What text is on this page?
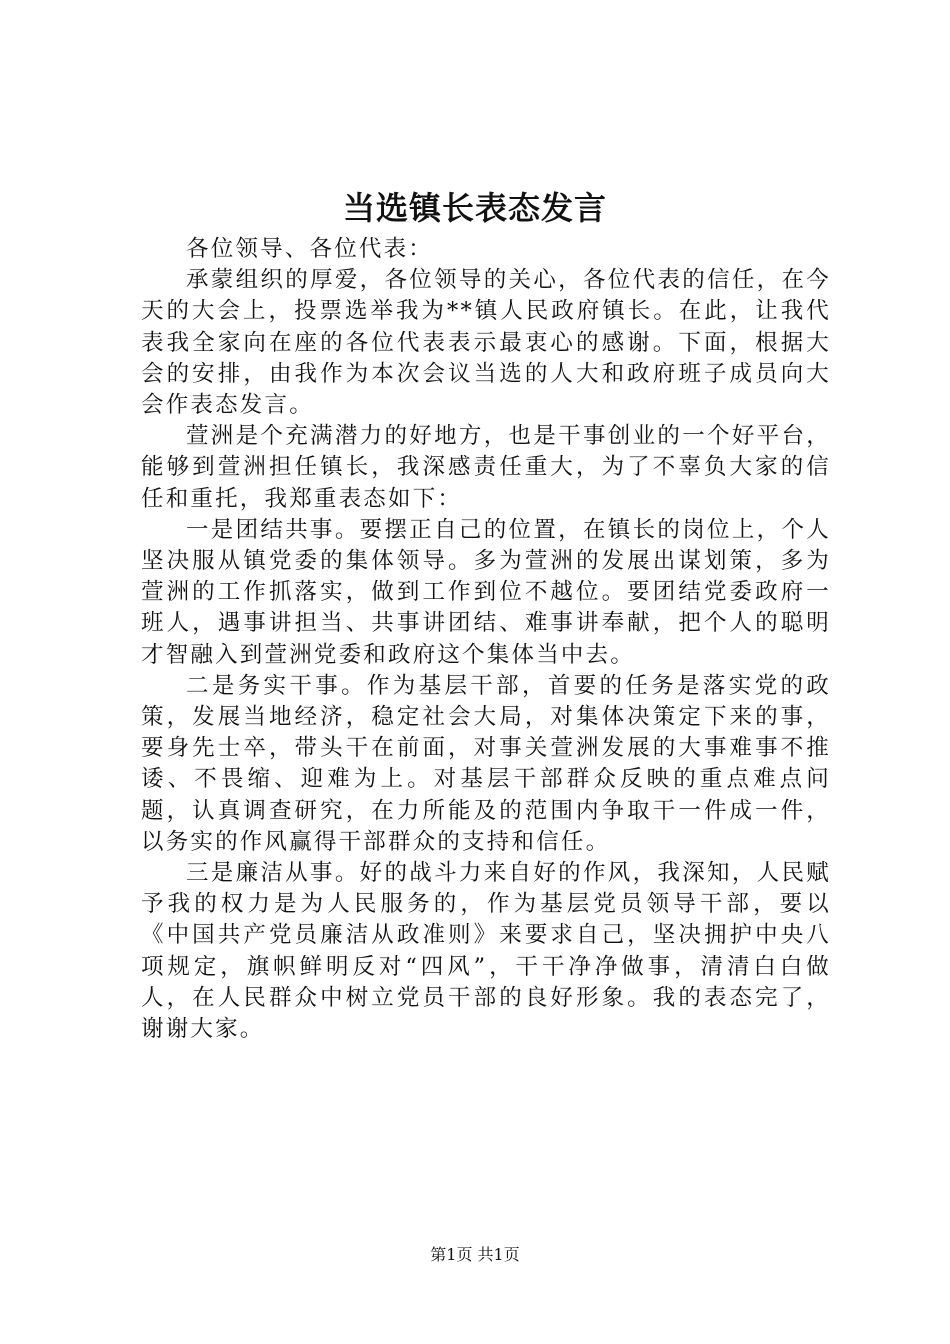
当选镇长表态发言

各位领导、各位代表：

承蒙组织的厚爱，各位领导的关心，各位代表的信任，在今天的大会上，投票选举我为**镇人民政府镇长。在此，让我代表我全家向在座的各位代表表示最衷心的感谢。下面，根据大会的安排，由我作为本次会议当选的人大和政府班子成员向大会作表态发言。

萱洲是个充满潜力的好地方，也是干事创业的一个好平台，能够到萱洲担任镇长，我深感责任重大，为了不辜负大家的信任和重托，我郑重表态如下：

一是团结共事。要摆正自己的位置，在镇长的岗位上，个人坚决服从镇党委的集体领导。多为萱洲的发展出谋划策，多为萱洲的工作抓落实，做到工作到位不越位。要团结党委政府一班人，遇事讲担当、共事讲团结、难事讲奉献，把个人的聪明才智融入到萱洲党委和政府这个集体当中去。

二是务实干事。作为基层干部，首要的任务是落实党的政策，发展当地经济，稳定社会大局，对集体决策定下来的事，要身先士卒，带头干在前面，对事关萱洲发展的大事难事不推诿、不畏缩、迎难为上。对基层干部群众反映的重点难点问题，认真调查研究，在力所能及的范围内争取干一件成一件，以务实的作风赢得干部群众的支持和信任。

三是廉洁从事。好的战斗力来自好的作风，我深知，人民赋予我的权力是为人民服务的，作为基层党员领导干部，要以《中国共产党员廉洁从政准则》来要求自己，坚决拥护中央八项规定，旗帜鲜明反对“四风”，干干净净做事，清清白白做人，在人民群众中树立党员干部的良好形象。我的表态完了，谢谢大家。

第1页 共1页
